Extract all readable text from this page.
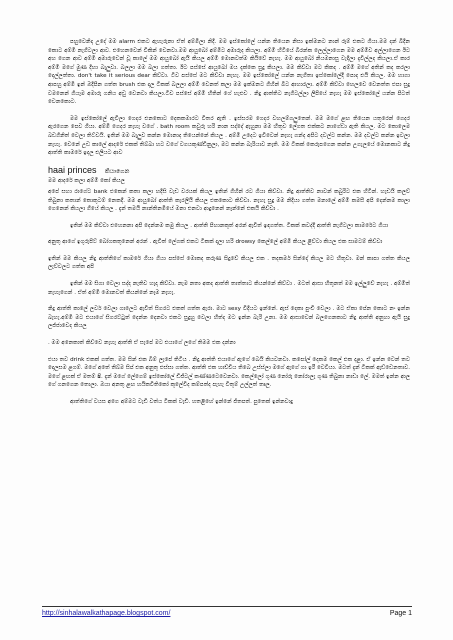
පහුවෙනිදා උදේ මම alarm එකට ඇහැරුනා ඒත් අම්මිලා නිදී. මම ඉස්කෝලේ යන්න තියෙන නිසා ඉක්මනට නාන් රූම් එකට ගියා.මම දන් බිදින කොට අම්මි නැගිටලා ආව. එහෙනවෙන් විකින් වෙනවා.මම ආයුබෝ අම්මිට අමාරුද කියලා. අම්මි හිටියේ බිරන්ක ලෙල්ලාගෙන මම අම්මිව අල්ලාගෙන ඊට අහ ගෙන ආව අම්මි අමාරුවෙන් වූ කාලේ මම ආයුබෝ ඇයි කියල අම්මි මොනවත්ම කියිවේ නැහැ. මම ආයුබෝ නියමනාසු වැදිලා දැවිල්ලද කියලා.ඒ කාර අම්මි මගේ මුණ දිහා බැලුවා. බලලා මම බලා ගත්තා. ඊට පස්සේ ආයුබෝ මය දැක්කෙ සුදු කියලා. මම කිව්වා මට කිකද . අම්මි මගේ අතින් කද කරලා දෙල්ලත්තා. don't take it serious dear කිව්වා. ටිව පස්සේ මට කිව්වා නැහැ. මම ඉස්කෝලේ යන්න නැගිතා ඉස්කෝලේදී පොද එයි කියල. මම හාගා ආපහු අම්මි ඉන් ඔදිපින ගත්ත brush එක දාල ටිකක් බලලා අම්මි වෙනත් කලා මම ඉක්මනට ගිහින් බිට ආහාරලා. අම්මි කිව්වා හෙලවෙ වෙනත්ත එපා සුදු වමනෙන් ගියෑම අමාරු ගනිය අඩු වෙනවා කියලා.ටිව පස්සේ අම්මි හිතින් ගේ හැළුව . නිදු ආත්තිට නැගිටල්ලා ලිපියේ නැහැ මම ඉස්කෝලේ යන්න පිටත් වෙනකොට.

මම ඉස්කෝලේ ඇවිලා ගෙදර එනකොට දෙකකමාරට විතර ඇති . ඉස්සරම ගෙදර වහලම්ගලුතෙන්. මම මගේ ළඟ තියෙන යතුරෙන් ගෙදර ඇරගෙන පෙව ගියා. අම්මි ගෙදර නැහැ වගේ . bath room කවුරු හරි නාන සද්දේ ඇහුනා මම හිතුව ලේගත එක්කට නාගේඩා ඇති කියල. මට කොලෙම බඩගිනිත් වෙලා තිට්වයි. ඉතින් මම බැලුව කන්න මොනාද තියෙන්නේ කියල . අම්මි උදෙට ඉවිවෙන් නැහැ ගන්ද අපිට දවල්ට කන්න. මම දවල්ට කන්න ඉවලා නැහැ. වෙනේ උඩ කාලේ ආදරේ එකක් තිබ්බා හට වගේ වගයකුණ්ඩිනුලා, මට කන්න බැරියාව නැති. මම ටිකක් කෙරුපගෙන කන්න උගැලයේ මොනකාට නිදු ආත්ති කාමරේ ඉදල එලියට ආව

haai princes කියාගෙන

මම ආදරේ කලා අම්මි කෝ කියල

අපේ සහා රාගේට bank එකෙන් කතා කලා හදිසි වැඩ වරයක් කියල ඉතින් ගිහින් රට ගියා කිව්වා. නිදු ආත්තිව නාවන් කබුරිට එක හිටින්. හැඩයි කලව් තිබුනා කතාන් කොකුටම් නෙකදී. මම ආයුබෝ ආත්ති කැරලියි කියල එකකොට කිව්වා. නැහැ සුදු මම නිදියා ගත්ත මනාලේ අම්මි කමසී අපි දෙන්නම කාලා ගෙනෙන් කියලා ගියේ කියල . දැන් තමයි නාන්තිනමියේ මනා එනවා ආදුනෙන් නෑන්නේ එකයි කිව්වා .

ඉතින් මම කිව්වා එහෙනනා අපි දෙන්නම කමු කියල . ආත්ති පිහානකුත් අරන් ඇවිත් ඉඳගත්ත. ටිකක් කවද්දි ආත්ති නැගිටලා කාමරේට ගියා

අනුතු ආගේ ඉගුරුපිට් බෝගකතුනෙන් අරන් . ඇවිත් ලේගක් එකට ටිකක් දාලා හරි drowsy කෙල්ලේ අම්මි කියල ළිව්වා කියල එක සාමටම් කිව්වා

ඉතින් මම කියල නිදු ආත්තිගේ කාමරේ ගියා ගියා පස්සේ මොකද කරුණ සිදුවේ කියල එක . තදකමර් සින්දෝ කියල මට හිතුවා. මන් කාපා ගත්ත කියල ලැව්වලට ගත්ත අපි

ඉතින් මම සිගා වෙලා සද්ද නැතිව හැදා කිව්වා. නැම නතා අකද ආත්ති තාත්තාට කියන්නේ කිව්වා . මටත් ආසා හිතුනත් මම ඉල්ලුවේ නැහැ . අම්මිත් නැහැගෙන් . ඒත් අම්මි මොනවත් කියන්නේ නෑම නැහැ.

නිදු ආත්ති කාලේ ලවර් වෙලා ගාලෙට ඇවිත් සිගරට එකත් ගත්ත ඇරා. මාට sexy විදියට ඉන්නේ. ඇස් දෙකා පුංචි වෙලා . මට ඒකා පේන කොට නං ඉන්න බැහැ.අම්මි මට එයාගේ සිගරට්ටුත් දෙන්න දෙනවා එකට සුදුහු වෙලා හිත්ද මට ඉන්න බැරි උනා. මම ආසාවෙන් බලගෙනකාට නිදු ආත්ති අනුහා ඇයි සුදු ලජ්ජාවෙද කියල

. මම අනෙකාත් කිව්වෙ නැහැ ආත්ති ඒ සැපේ මට එයාගේ ලගේ තිමම එක දන්නා

එයා තව drink එකක් ගත්ත. මම සින් එක බීම් ලැපේ තිටිය . නිදු ආත්ති එයාගේ ඇගේ බෙයි කියවනවා. කපෝල් දෙකම කෙල් එක දළා. ඒ ඉන්න වෙන් තව දොලසම ළගම්. මගේ අතේ තිබ්ම සිප් එක අනුතු එස්සා ගත්ත. ආත්ති එක හාච්චිය තිබෙ උස්ස්ලා මගේ ඇගේ ගා ඉරී වෙවීයා. මටත් දැන් ටිකක් ඇඩ්ඩෙනතාව. මගේ ළඟක් ඒ මතම් ෂි. දැන් මගේ ලේගෙම් ඉස්කෝලේ ඩිජිටල් කණ්ණටෙවෙනවා. කෙල්ලෝ ගුණ නෝරු නෝරාලැ ගුණ තිබුනා නාඩා ලේ. මමත් ඉන්න ආල ගේ ගනගෙන තොලා. ඔයා අනතු ළඟ හයිකවිතිකෝ කුලේවිද කම්පත්ද පැහැ විතුම් උල්ලත් තෘල.

ආත්තිගේ වයස අගෙ අම්මට වැඩි වත්ය ටිකක් වැඩි. හතළිහේ ඉන්නේ ජිතපත්. පුතෙක් ඉන්නවාදු

http://sinhalawalkathapage.blogspot.com/	Page 1
